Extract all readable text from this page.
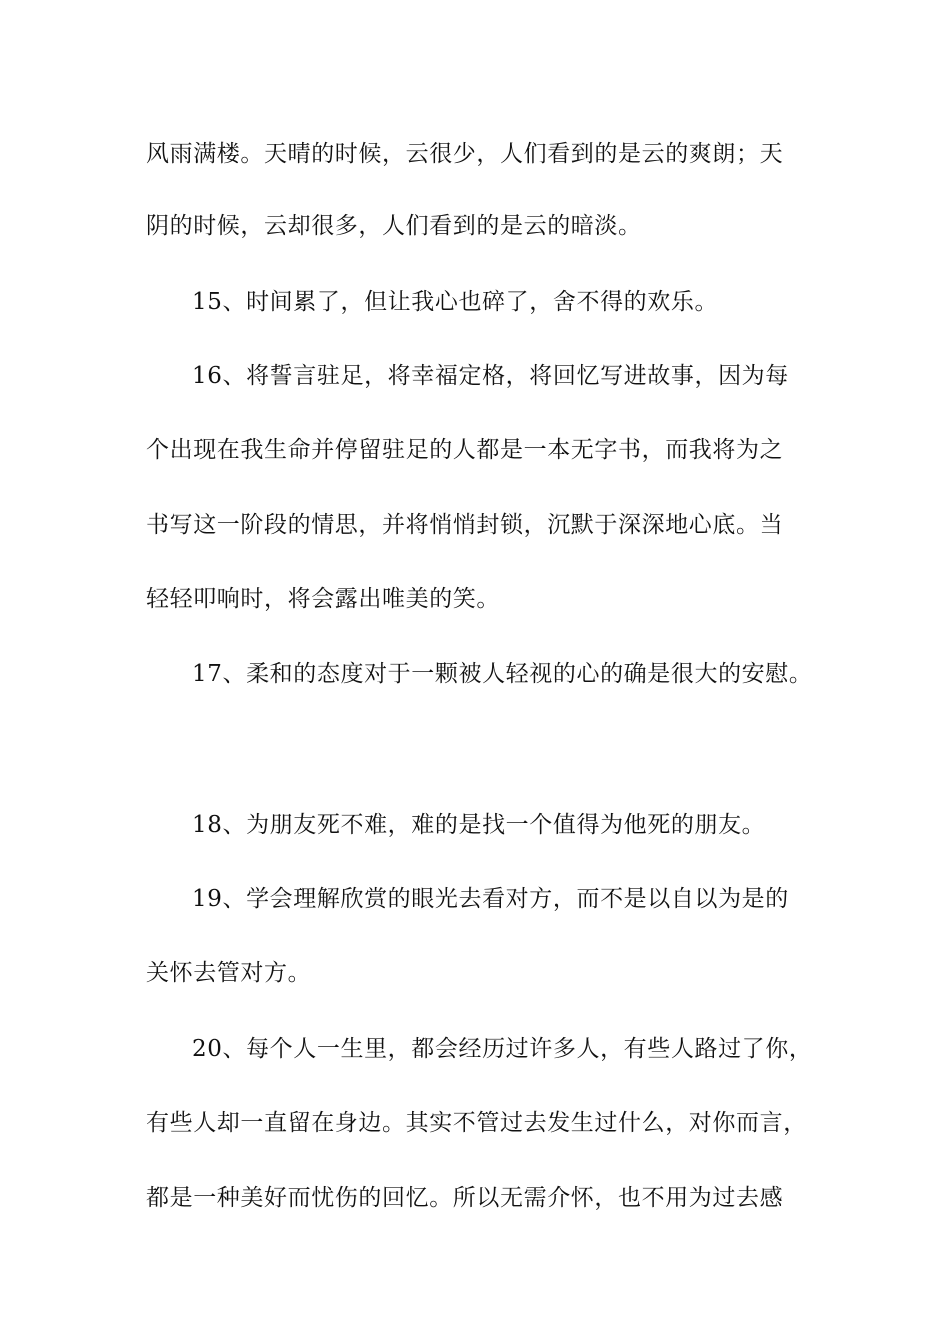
风雨满楼。天晴的时候，云很少，人们看到的是云的爽朗；天
阴的时候，云却很多，人们看到的是云的暗淡。
15、时间累了，但让我心也碎了，舍不得的欢乐。
16、将誓言驻足，将幸福定格，将回忆写进故事，因为每
个出现在我生命并停留驻足的人都是一本无字书，而我将为之
书写这一阶段的情思，并将悄悄封锁，沉默于深深地心底。当
轻轻叩响时，将会露出唯美的笑。
17、柔和的态度对于一颗被人轻视的心的确是很大的安慰。
18、为朋友死不难，难的是找一个值得为他死的朋友。
19、学会理解欣赏的眼光去看对方，而不是以自以为是的
关怀去管对方。
20、每个人一生里，都会经历过许多人，有些人路过了你，
有些人却一直留在身边。其实不管过去发生过什么，对你而言，
都是一种美好而忧伤的回忆。所以无需介怀，也不用为过去感
